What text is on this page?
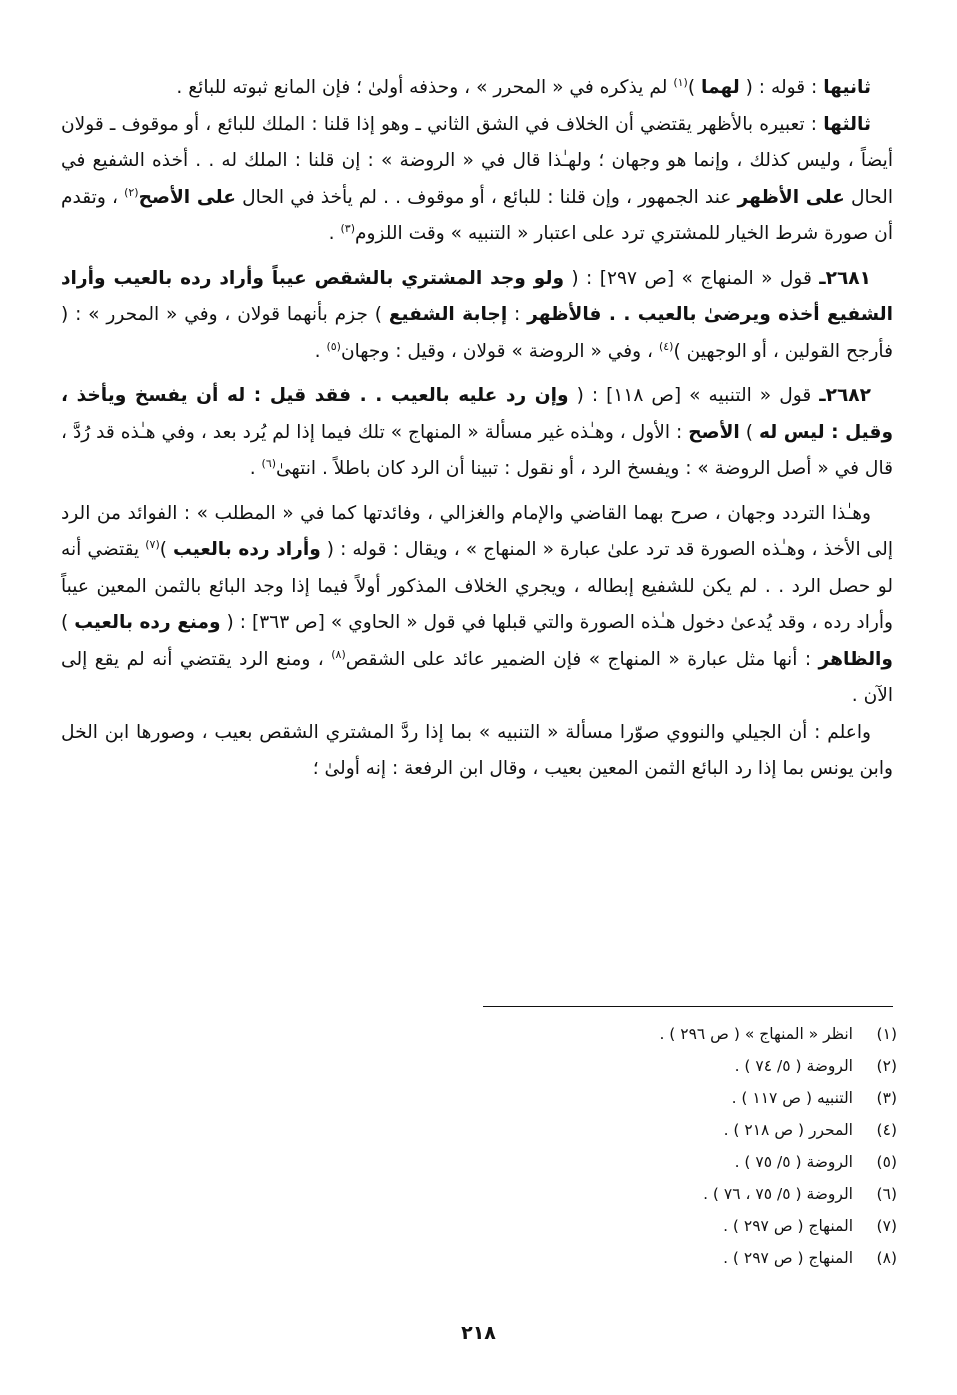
ثانيها : قوله : ( لهما )$^{(١)}$ لم يذكره في « المحرر » ، وحذفه أولىٰ ؛ فإن المانع ثبوته للبائع .

ثالثها : تعبيره بالأظهر يقتضي أن الخلاف في الشق الثاني ـ وهو إذا قلنا : الملك للبائع ، أو موقوف ـ قولان أيضاً ، وليس كذلك ، وإنما هو وجهان ؛ ولهـٰذا قال في « الروضة » : إن قلنا : الملك له . . أخذه الشفيع في الحال على الأظهر عند الجمهور ، وإن قلنا : للبائع ، أو موقوف . . لم يأخذ في الحال على الأصح$^{(٢)}$ ، وتقدم أن صورة شرط الخيار للمشتري ترد على اعتبار « التنبيه » وقت اللزوم$^{(٣)}$ .

٢٦٨١ـ قول « المنهاج » [ص ٢٩٧] : ( ولو وجد المشتري بالشقص عيباً وأراد رده بالعيب وأراد الشفيع أخذه ويرضىٰ بالعيب . . فالأظهر : إجابة الشفيع ) جزم بأنهما قولان ، وفي « المحرر » : ( فأرجح القولين ، أو الوجهين )$^{(٤)}$ ، وفي « الروضة » قولان ، وقيل : وجهان$^{(٥)}$ .

٢٦٨٢ـ قول « التنبيه » [ص ١١٨] : ( وإن رد عليه بالعيب . . فقد قيل : له أن يفسخ ويأخذ ، وقيل : ليس له ) الأصح : الأول ، وهـٰذه غير مسألة « المنهاج » تلك فيما إذا لم يُرد بعد ، وفي هـٰذه قد رُدَّ ، قال في « أصل الروضة » : ويفسخ الرد ، أو نقول : تبينا أن الرد كان باطلاً . انتهىٰ$^{(٦)}$ .

وهـٰذا التردد وجهان ، صرح بهما القاضي والإمام والغزالي ، وفائدتها كما في « المطلب » : الفوائد من الرد إلى الأخذ ، وهـٰذه الصورة قد ترد علىٰ عبارة « المنهاج » ، ويقال : قوله : ( وأراد رده بالعيب )$^{(٧)}$ يقتضي أنه لو حصل الرد . . لم يكن للشفيع إبطاله ، ويجري الخلاف المذكور أولاً فيما إذا وجد البائع بالثمن المعين عيباً وأراد رده ، وقد يُدعىٰ دخول هـٰذه الصورة والتي قبلها في قول « الحاوي » [ص ٣٦٣] : ( ومنع رده بالعيب ) والظاهر : أنها مثل عبارة « المنهاج » فإن الضمير عائد على الشقص$^{(٨)}$ ، ومنع الرد يقتضي أنه لم يقع إلى الآن .

واعلم : أن الجيلي والنووي صوّرا مسألة « التنبيه » بما إذا ردَّ المشتري الشقص بعيب ، وصورها ابن الخل وابن يونس بما إذا رد البائع الثمن المعين بعيب ، وقال ابن الرفعة : إنه أولىٰ ؛

(١)
انظر « المنهاج » ( ص ٢٩٦ ) .
(٢)
الروضة ( ٥/ ٧٤ ) .
(٣)
التنبيه ( ص ١١٧ ) .
(٤)
المحرر ( ص ٢١٨ ) .
(٥)
الروضة ( ٥/ ٧٥ ) .
(٦)
الروضة ( ٥/ ٧٥ ، ٧٦ ) .
(٧)
المنهاج ( ص ٢٩٧ ) .
(٨)
المنهاج ( ص ٢٩٧ ) .
٢١٨
